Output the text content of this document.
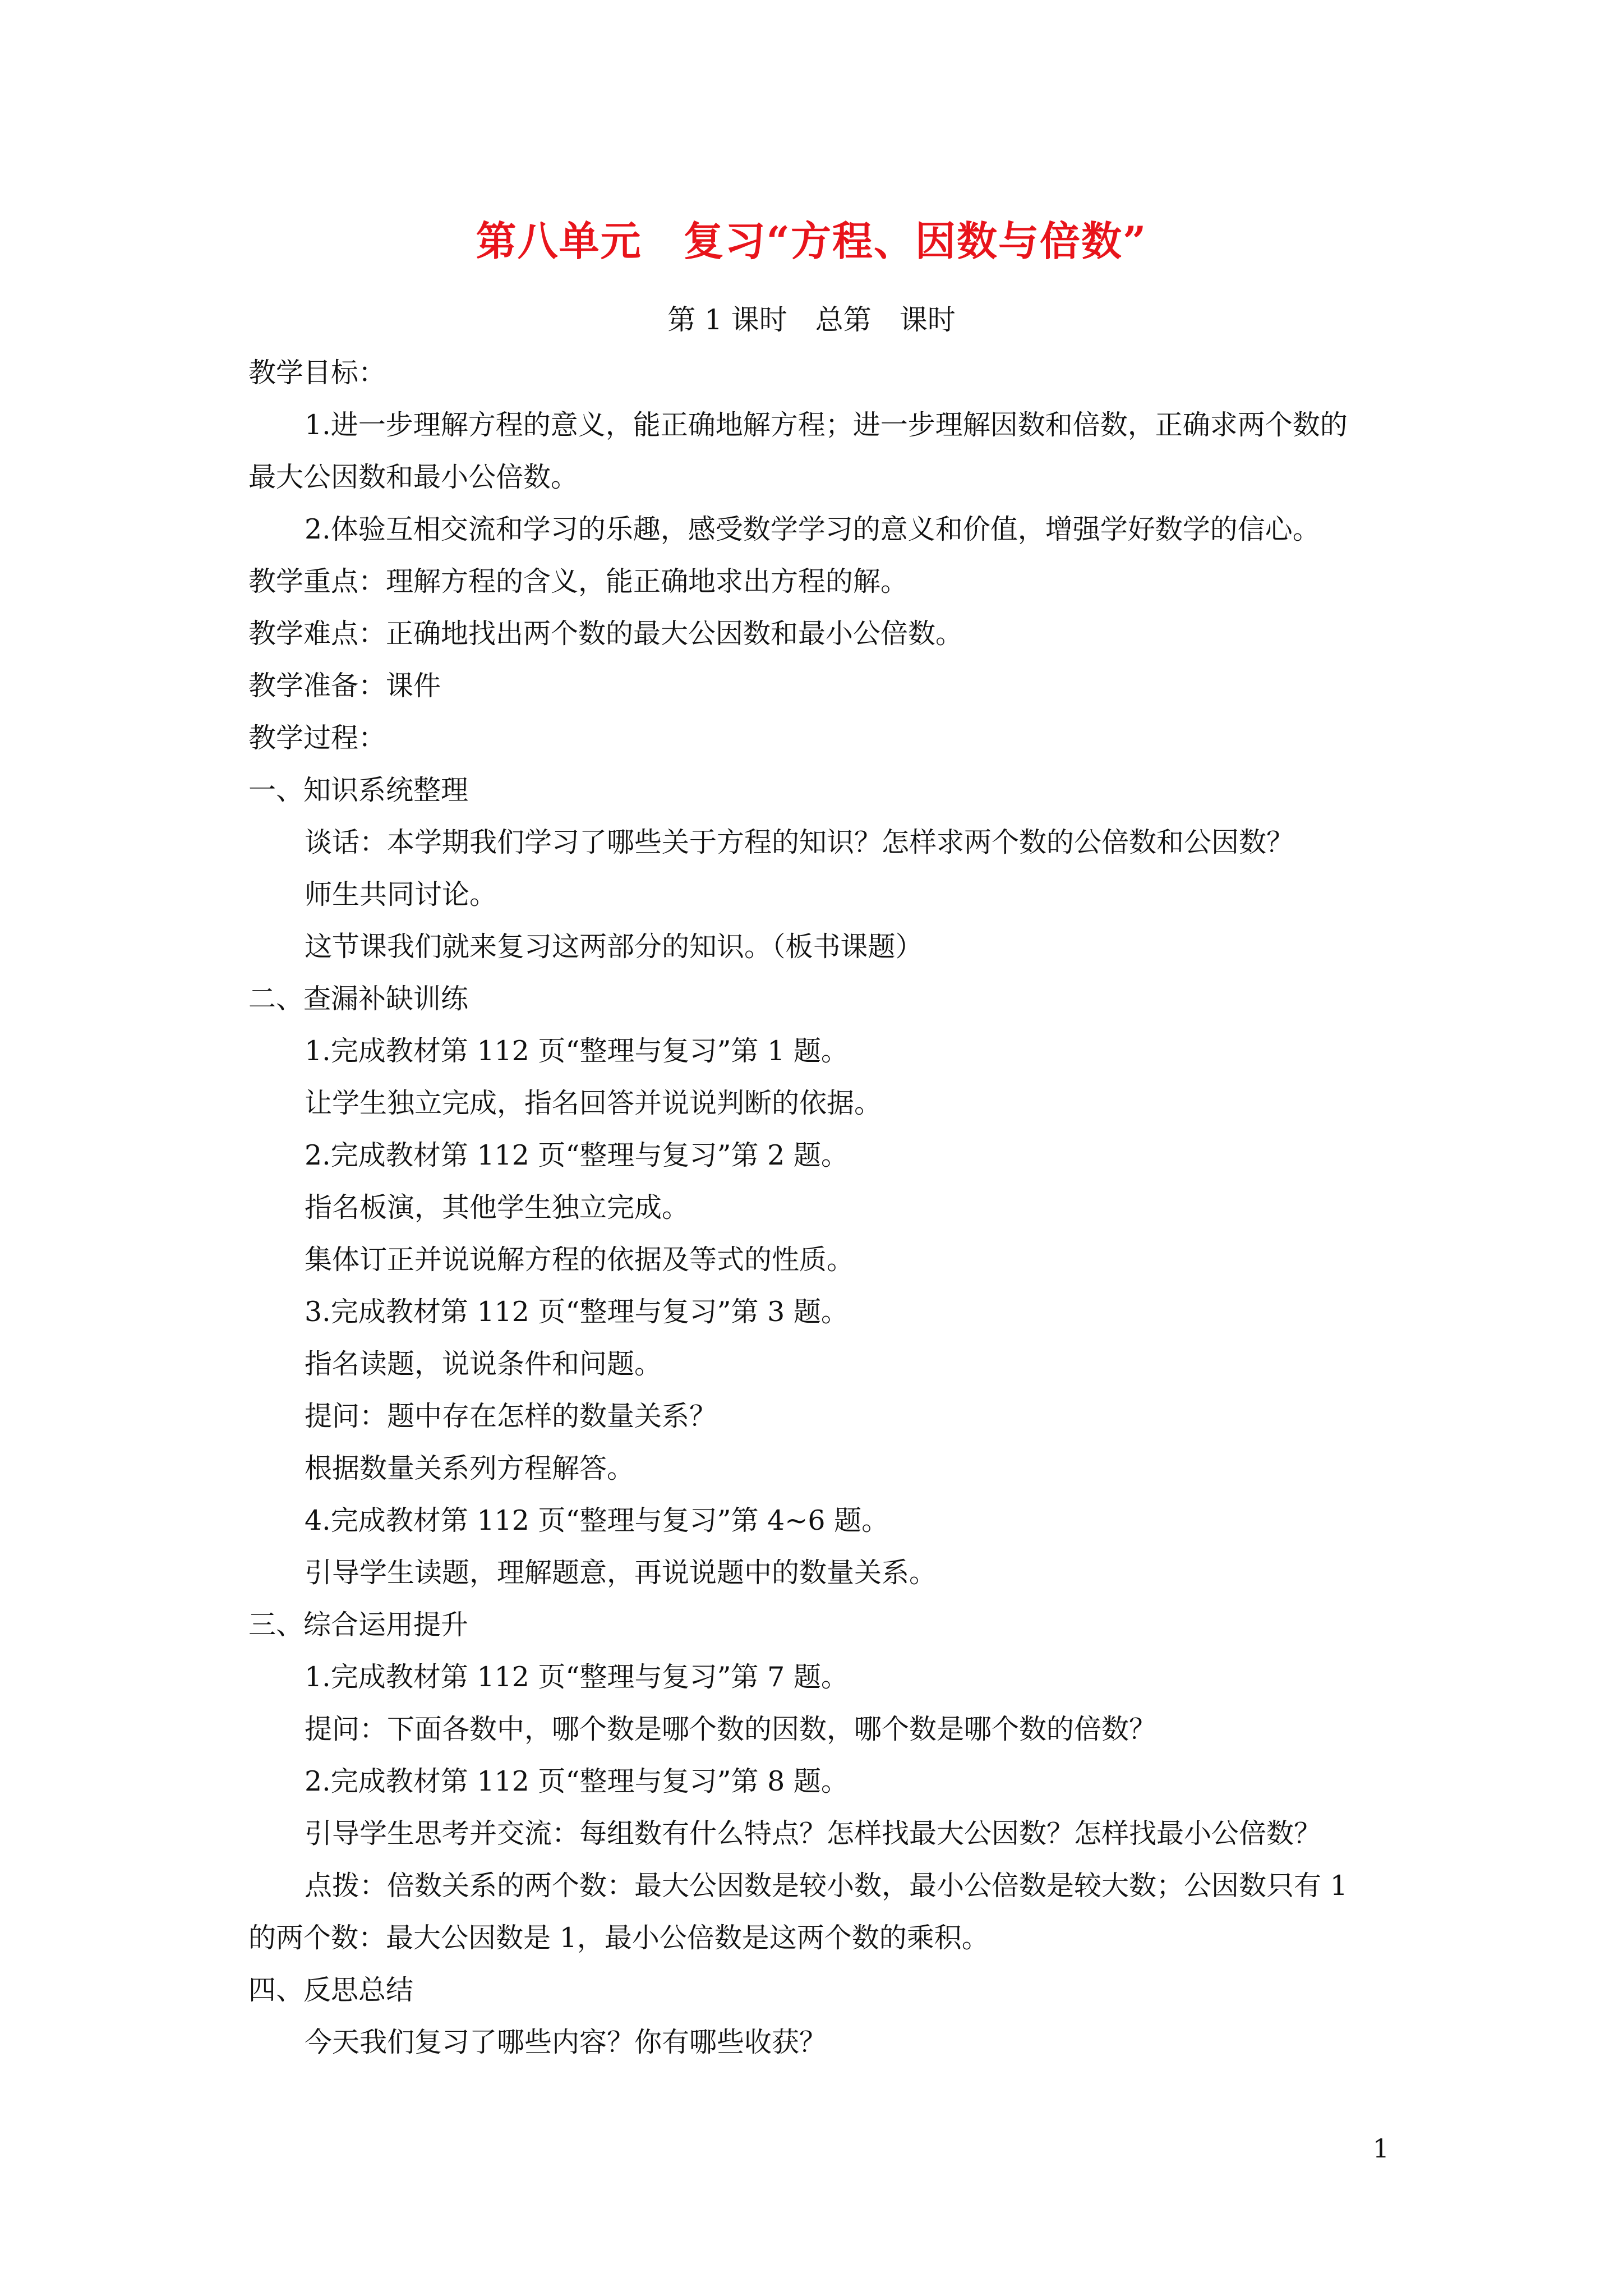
第八单元　复习“方程、因数与倍数”
第 1 课时　总第　课时
教学目标：
1.进一步理解方程的意义，能正确地解方程；进一步理解因数和倍数，正确求两个数的
最大公因数和最小公倍数。
2.体验互相交流和学习的乐趣，感受数学学习的意义和价值，增强学好数学的信心。
教学重点：理解方程的含义，能正确地求出方程的解。
教学难点：正确地找出两个数的最大公因数和最小公倍数。
教学准备：课件
教学过程：
一、知识系统整理
谈话：本学期我们学习了哪些关于方程的知识？怎样求两个数的公倍数和公因数？
师生共同讨论。
这节课我们就来复习这两部分的知识。（板书课题）
二、查漏补缺训练
1.完成教材第 112 页“整理与复习”第 1 题。
让学生独立完成，指名回答并说说判断的依据。
2.完成教材第 112 页“整理与复习”第 2 题。
指名板演，其他学生独立完成。
集体订正并说说解方程的依据及等式的性质。
3.完成教材第 112 页“整理与复习”第 3 题。
指名读题，说说条件和问题。
提问：题中存在怎样的数量关系？
根据数量关系列方程解答。
4.完成教材第 112 页“整理与复习”第 4~6 题。
引导学生读题，理解题意，再说说题中的数量关系。
三、综合运用提升
1.完成教材第 112 页“整理与复习”第 7 题。
提问：下面各数中，哪个数是哪个数的因数，哪个数是哪个数的倍数？
2.完成教材第 112 页“整理与复习”第 8 题。
引导学生思考并交流：每组数有什么特点？怎样找最大公因数？怎样找最小公倍数？
点拨：倍数关系的两个数：最大公因数是较小数，最小公倍数是较大数；公因数只有 1
的两个数：最大公因数是 1，最小公倍数是这两个数的乘积。
四、反思总结
今天我们复习了哪些内容？你有哪些收获？
1
